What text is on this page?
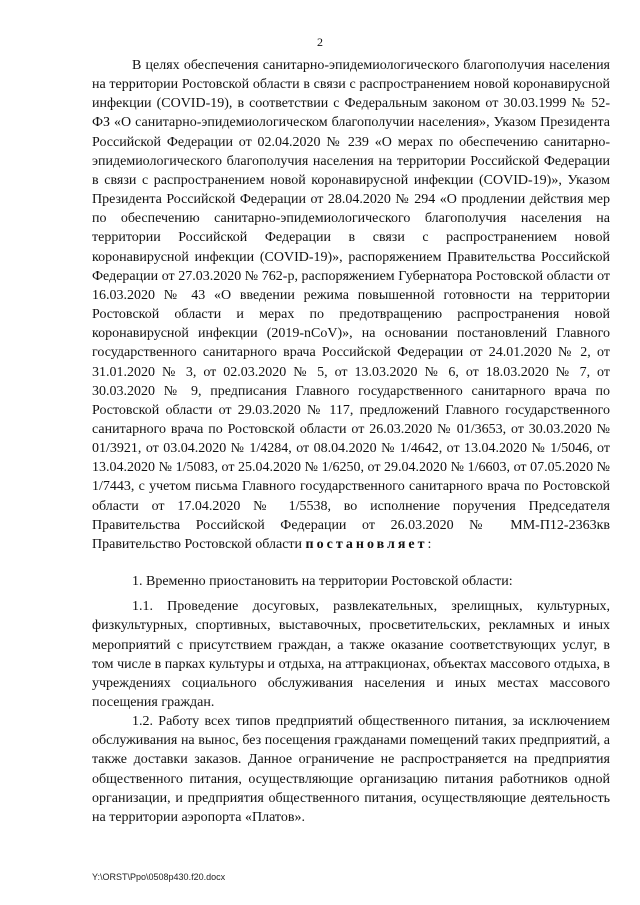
2

В целях обеспечения санитарно-эпидемиологического благополучия населения на территории Ростовской области в связи с распространением новой коронавирусной инфекции (COVID-19), в соответствии с Федеральным законом от 30.03.1999 № 52-ФЗ «О санитарно-эпидемиологическом благополучии населения», Указом Президента Российской Федерации от 02.04.2020 № 239 «О мерах по обеспечению санитарно-эпидемиологического благополучия населения на территории Российской Федерации в связи с распространением новой коронавирусной инфекции (COVID-19)», Указом Президента Российской Федерации от 28.04.2020 № 294 «О продлении действия мер по обеспечению санитарно-эпидемиологического благополучия населения на территории Российской Федерации в связи с распространением новой коронавирусной инфекции (COVID-19)», распоряжением Правительства Российской Федерации от 27.03.2020 № 762-р, распоряжением Губернатора Ростовской области от 16.03.2020 № 43 «О введении режима повышенной готовности на территории Ростовской области и мерах по предотвращению распространения новой коронавирусной инфекции (2019-nCoV)», на основании постановлений Главного государственного санитарного врача Российской Федерации от 24.01.2020 № 2, от 31.01.2020 № 3, от 02.03.2020 № 5, от 13.03.2020 № 6, от 18.03.2020 № 7, от 30.03.2020 № 9, предписания Главного государственного санитарного врача по Ростовской области от 29.03.2020 № 117, предложений Главного государственного санитарного врача по Ростовской области от 26.03.2020 № 01/3653, от 30.03.2020 № 01/3921, от 03.04.2020 № 1/4284, от 08.04.2020 № 1/4642, от 13.04.2020 № 1/5046, от 13.04.2020 № 1/5083, от 25.04.2020 № 1/6250, от 29.04.2020 № 1/6603, от 07.05.2020 № 1/7443, с учетом письма Главного государственного санитарного врача по Ростовской области от 17.04.2020 № 1/5538, во исполнение поручения Председателя Правительства Российской Федерации от 26.03.2020 № ММ-П12-2363кв Правительство Ростовской области постановляет:

1. Временно приостановить на территории Ростовской области:

1.1. Проведение досуговых, развлекательных, зрелищных, культурных, физкультурных, спортивных, выставочных, просветительских, рекламных и иных мероприятий с присутствием граждан, а также оказание соответствующих услуг, в том числе в парках культуры и отдыха, на аттракционах, объектах массового отдыха, в учреждениях социального обслуживания населения и иных местах массового посещения граждан.

1.2. Работу всех типов предприятий общественного питания, за исключением обслуживания на вынос, без посещения гражданами помещений таких предприятий, а также доставки заказов. Данное ограничение не распространяется на предприятия общественного питания, осуществляющие организацию питания работников одной организации, и предприятия общественного питания, осуществляющие деятельность на территории аэропорта «Платов».

Y:\ORST\Ppo\0508p430.f20.docx
